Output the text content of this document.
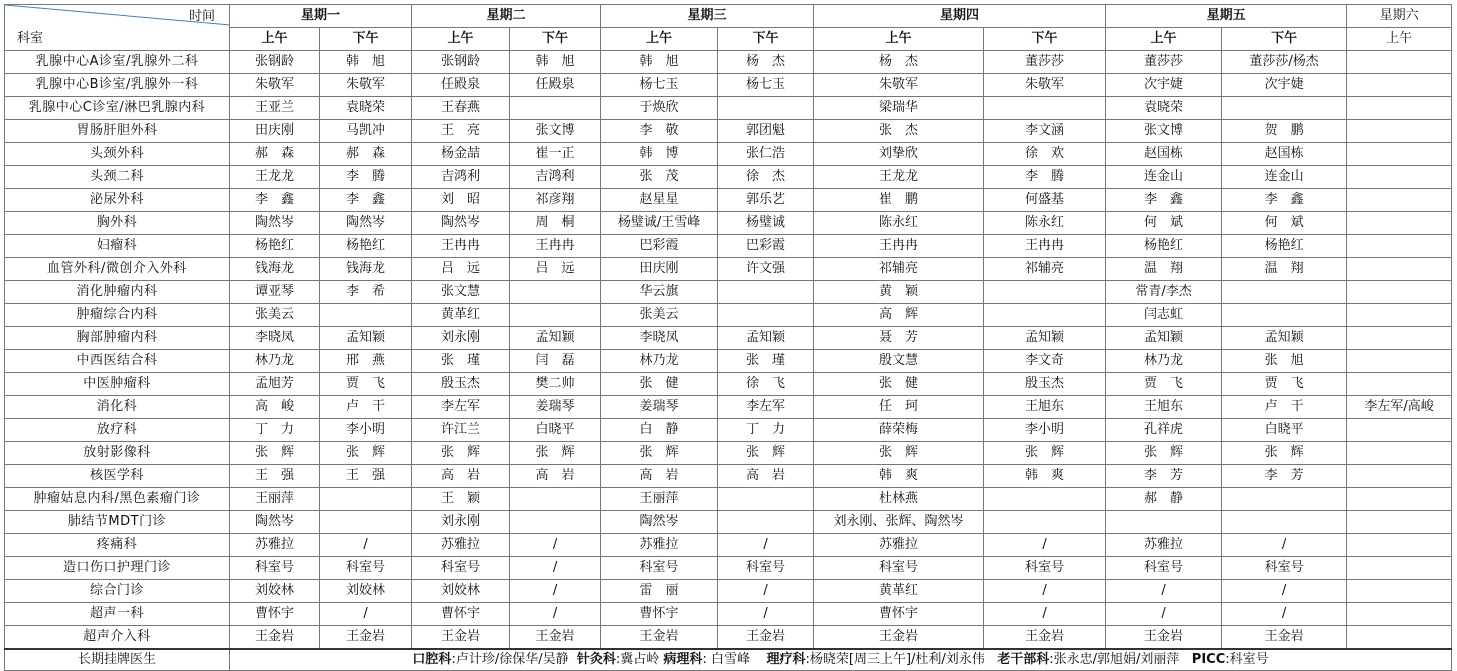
时间
科室	星期一		星期二		星期三		星期四		星期五		星期六
	上午	下午	上午	下午	上午	下午	上午	下午	上午	下午	上午
乳腺中心A诊室/乳腺外二科	张钢龄	韩　旭	张钢龄	韩　旭	韩　旭	杨　杰	杨　杰	董莎莎	董莎莎	董莎莎/杨杰	
乳腺中心B诊室/乳腺外一科	朱敬军	朱敬军	任殿泉	任殿泉	杨七玉	杨七玉	朱敬军	朱敬军	次宇婕	次宇婕	
乳腺中心C诊室/淋巴乳腺内科	王亚兰	袁晓荣	王春燕		于焕欣		梁瑞华		袁晓荣		
胃肠肝胆外科	田庆刚	马凯冲	王　亮	张文博	李　敬	郭团魁	张　杰	李文涵	张文博	贺　鹏	
头颈外科	郝　森	郝　森	杨金喆	崔一正	韩　博	张仁浩	刘挚欣	徐　欢	赵国栋	赵国栋	
头颈二科	王龙龙	李　腾	吉鸿利	吉鸿利	张　茂	徐　杰	王龙龙	李　腾	连金山	连金山	
泌尿外科	李　鑫	李　鑫	刘　昭	祁彦翔	赵星星	郭乐艺	崔　鹏	何盛基	李　鑫	李　鑫	
胸外科	陶然岑	陶然岑	陶然岑	周　桐	杨璧诚/王雪峰	杨璧诚	陈永红	陈永红	何　斌	何　斌	
妇瘤科	杨艳红	杨艳红	王冉冉	王冉冉	巴彩霞	巴彩霞	王冉冉	王冉冉	杨艳红	杨艳红	
血管外科/微创介入外科	钱海龙	钱海龙	吕　远	吕　远	田庆刚	许文强	祁辅亮	祁辅亮	温　翔	温　翔	
消化肿瘤内科	谭亚琴	李　希	张文慧		华云旗		黄　颖		常青/李杰		
肿瘤综合内科	张美云		黄革红		张美云		高　辉		闫志虹		
胸部肿瘤内科	李晓凤	孟知颖	刘永刚	孟知颖	李晓凤	孟知颖	聂　芳	孟知颖	孟知颖	孟知颖	
中西医结合科	林乃龙	邢　燕	张　瑾	闫　磊	林乃龙	张　瑾	殷文慧	李文奇	林乃龙	张　旭	
中医肿瘤科	孟旭芳	贾　飞	殷玉杰	樊二帅	张　健	徐　飞	张　健	殷玉杰	贾　飞	贾　飞	
消化科	高　峻	卢　干	李左军	姜瑞琴	姜瑞琴	李左军	任　珂	王旭东	王旭东	卢　干	李左军/高峻
放疗科	丁　力	李小明	许江兰	白晓平	白　静	丁　力	薛荣梅	李小明	孔祥虎	白晓平	
放射影像科	张　辉	张　辉	张　辉	张　辉	张　辉	张　辉	张　辉	张　辉	张　辉	张　辉	
核医学科	王　强	王　强	高　岩	高　岩	高　岩	高　岩	韩　爽	韩　爽	李　芳	李　芳	
肿瘤姑息内科/黑色素瘤门诊	王丽萍		王　颖		王丽萍		杜林燕		郝　静		
肺结节MDT门诊	陶然岑		刘永刚		陶然岑		刘永刚、张辉、陶然岑				
疼痛科	苏雅拉	/	苏雅拉	/	苏雅拉	/	苏雅拉	/	苏雅拉	/	
造口伤口护理门诊	科室号	科室号	科室号	/	科室号	科室号	科室号	科室号	科室号	科室号	
综合门诊	刘姣林	刘姣林	刘姣林	/	雷　丽	/	黄革红	/	/	/	
超声一科	曹怀宇	/	曹怀宇	/	曹怀宇	/	曹怀宇	/	/	/	
超声介入科	王金岩	王金岩	王金岩	王金岩	王金岩	王金岩	王金岩	王金岩	王金岩	王金岩	
长期挂牌医生	口腔科:卢计珍/徐保华/吴静 针灸科:冀占岭 病理科: 白雪峰 理疗科:杨晓荣[周三上午]/杜利/刘永伟 老干部科:张永忠/郭旭娟/刘丽萍 PICC:科室号										
